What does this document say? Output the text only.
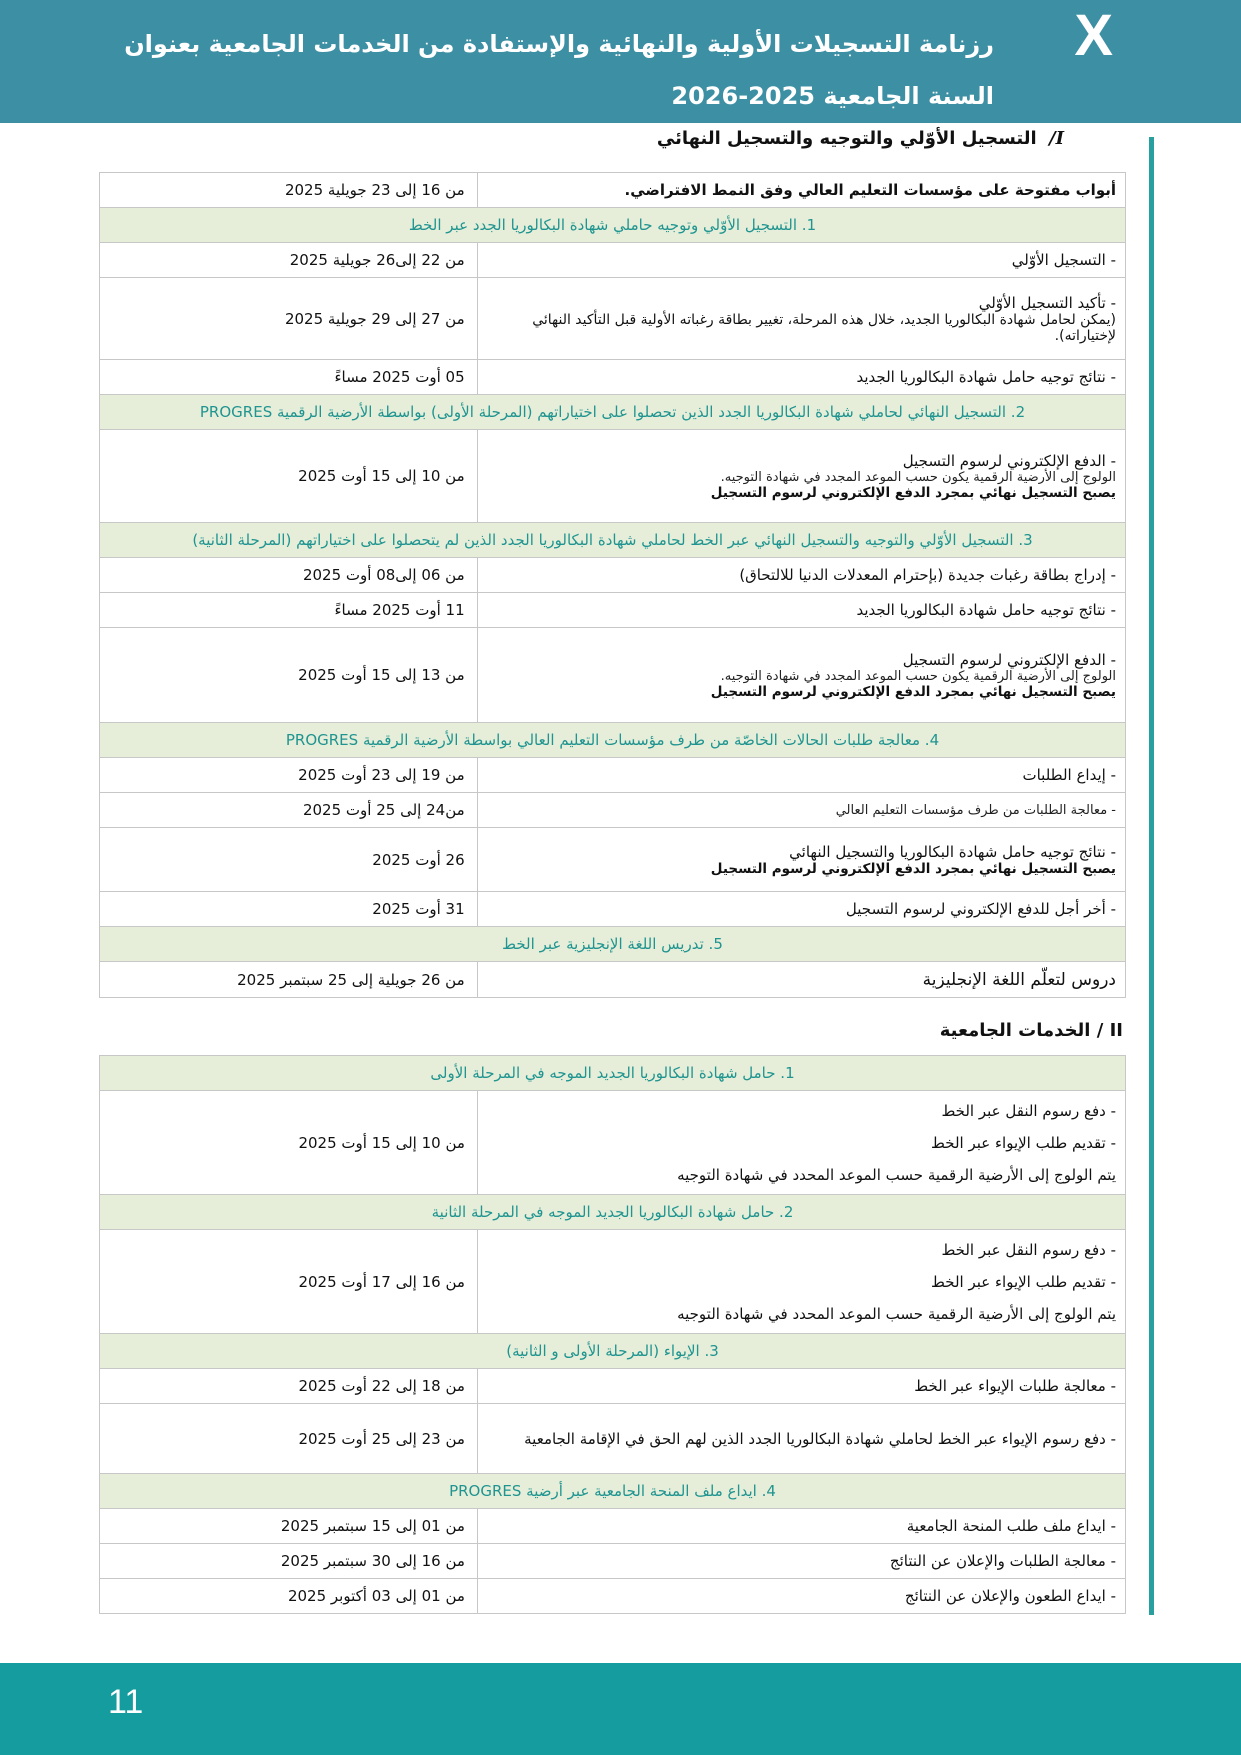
X
رزنامة التسجيلات الأولية والنهائية والإستفادة من الخدمات الجامعية بعنوان السنة الجامعية 2025-2026
I/ التسجيل الأوّلي والتوجيه والتسجيل النهائي
أبواب مفتوحة على مؤسسات التعليم العالي وفق النمط الافتراضي.	من 16 إلى 23 جويلية 2025
1. التسجيل الأوّلي وتوجيه حاملي شهادة البكالوريا الجدد عبر الخط	
- التسجيل الأوّلي	من 22 إلى26 جويلية 2025

- تأكيد التسجيل الأوّلي
(يمكن لحامل شهادة البكالوريا الجديد، خلال هذه المرحلة، تغيير بطاقة رغباته الأولية قبل التأكيد النهائي لإختياراته).	من 27 إلى 29 جويلية 2025
- نتائج توجيه حامل شهادة البكالوريا الجديد	05 أوت 2025 مساءً
2. التسجيل النهائي لحاملي شهادة البكالوريا الجدد الذين تحصلوا على اختياراتهم (المرحلة الأولى) بواسطة الأرضية الرقمية PROGRES	

- الدفع الإلكتروني لرسوم التسجيل
الولوج إلى الأرضية الرقمية يكون حسب الموعد المجدد في شهادة التوجيه.
يصبح التسجيل نهائي بمجرد الدفع الإلكتروني لرسوم التسجيل	من 10 إلى 15 أوت 2025
3. التسجيل الأوّلي والتوجيه والتسجيل النهائي عبر الخط لحاملي شهادة البكالوريا الجدد الذين لم يتحصلوا على اختياراتهم (المرحلة الثانية)	
- إدراج بطاقة رغبات جديدة (بإحترام المعدلات الدنيا للالتحاق)	من 06 إلى08 أوت 2025
- نتائج توجيه حامل شهادة البكالوريا الجديد	11 أوت 2025 مساءً

- الدفع الإلكتروني لرسوم التسجيل
الولوج إلى الأرضية الرقمية يكون حسب الموعد المجدد في شهادة التوجيه.
يصبح التسجيل نهائي بمجرد الدفع الإلكتروني لرسوم التسجيل	من 13 إلى 15 أوت 2025
4. معالجة طلبات الحالات الخاصّة من طرف مؤسسات التعليم العالي بواسطة الأرضية الرقمية PROGRES	
- إيداع الطلبات	من 19 إلى 23 أوت 2025
- معالجة الطلبات من طرف مؤسسات التعليم العالي	من24 إلى 25 أوت 2025

- نتائج توجيه حامل شهادة البكالوريا والتسجيل النهائي
يصبح التسجيل نهائي بمجرد الدفع الإلكتروني لرسوم التسجيل	26 أوت 2025
- أخر أجل للدفع الإلكتروني لرسوم التسجيل	31 أوت 2025
5. تدريس اللغة الإنجليزية عبر الخط	
دروس لتعلّم اللغة الإنجليزية	من 26 جويلية إلى 25 سبتمبر 2025
II / الخدمات الجامعية
1. حامل شهادة البكالوريا الجديد الموجه في المرحلة الأولى	

- دفع رسوم النقل عبر الخط
- تقديم طلب الإيواء عبر الخط
يتم الولوج إلى الأرضية الرقمية حسب الموعد المحدد في شهادة التوجيه	من 10 إلى 15 أوت 2025
2. حامل شهادة البكالوريا الجديد الموجه في المرحلة الثانية	

- دفع رسوم النقل عبر الخط
- تقديم طلب الإيواء عبر الخط
يتم الولوج إلى الأرضية الرقمية حسب الموعد المحدد في شهادة التوجيه	من 16 إلى 17 أوت 2025
3. الإيواء (المرحلة الأولى و الثانية)	
- معالجة طلبات الإيواء عبر الخط	من 18 إلى 22 أوت 2025
- دفع رسوم الإيواء عبر الخط لحاملي شهادة البكالوريا الجدد الذين لهم الحق في الإقامة الجامعية	من 23 إلى 25 أوت 2025
4. ايداع ملف المنحة الجامعية عبر أرضية PROGRES	
- ايداع ملف طلب المنحة الجامعية	من 01 إلى 15 سبتمبر 2025
- معالجة الطلبات والإعلان عن النتائج	من 16 إلى 30 سبتمبر 2025
- ايداع الطعون والإعلان عن النتائج	من 01 إلى 03 أكتوبر 2025
11
